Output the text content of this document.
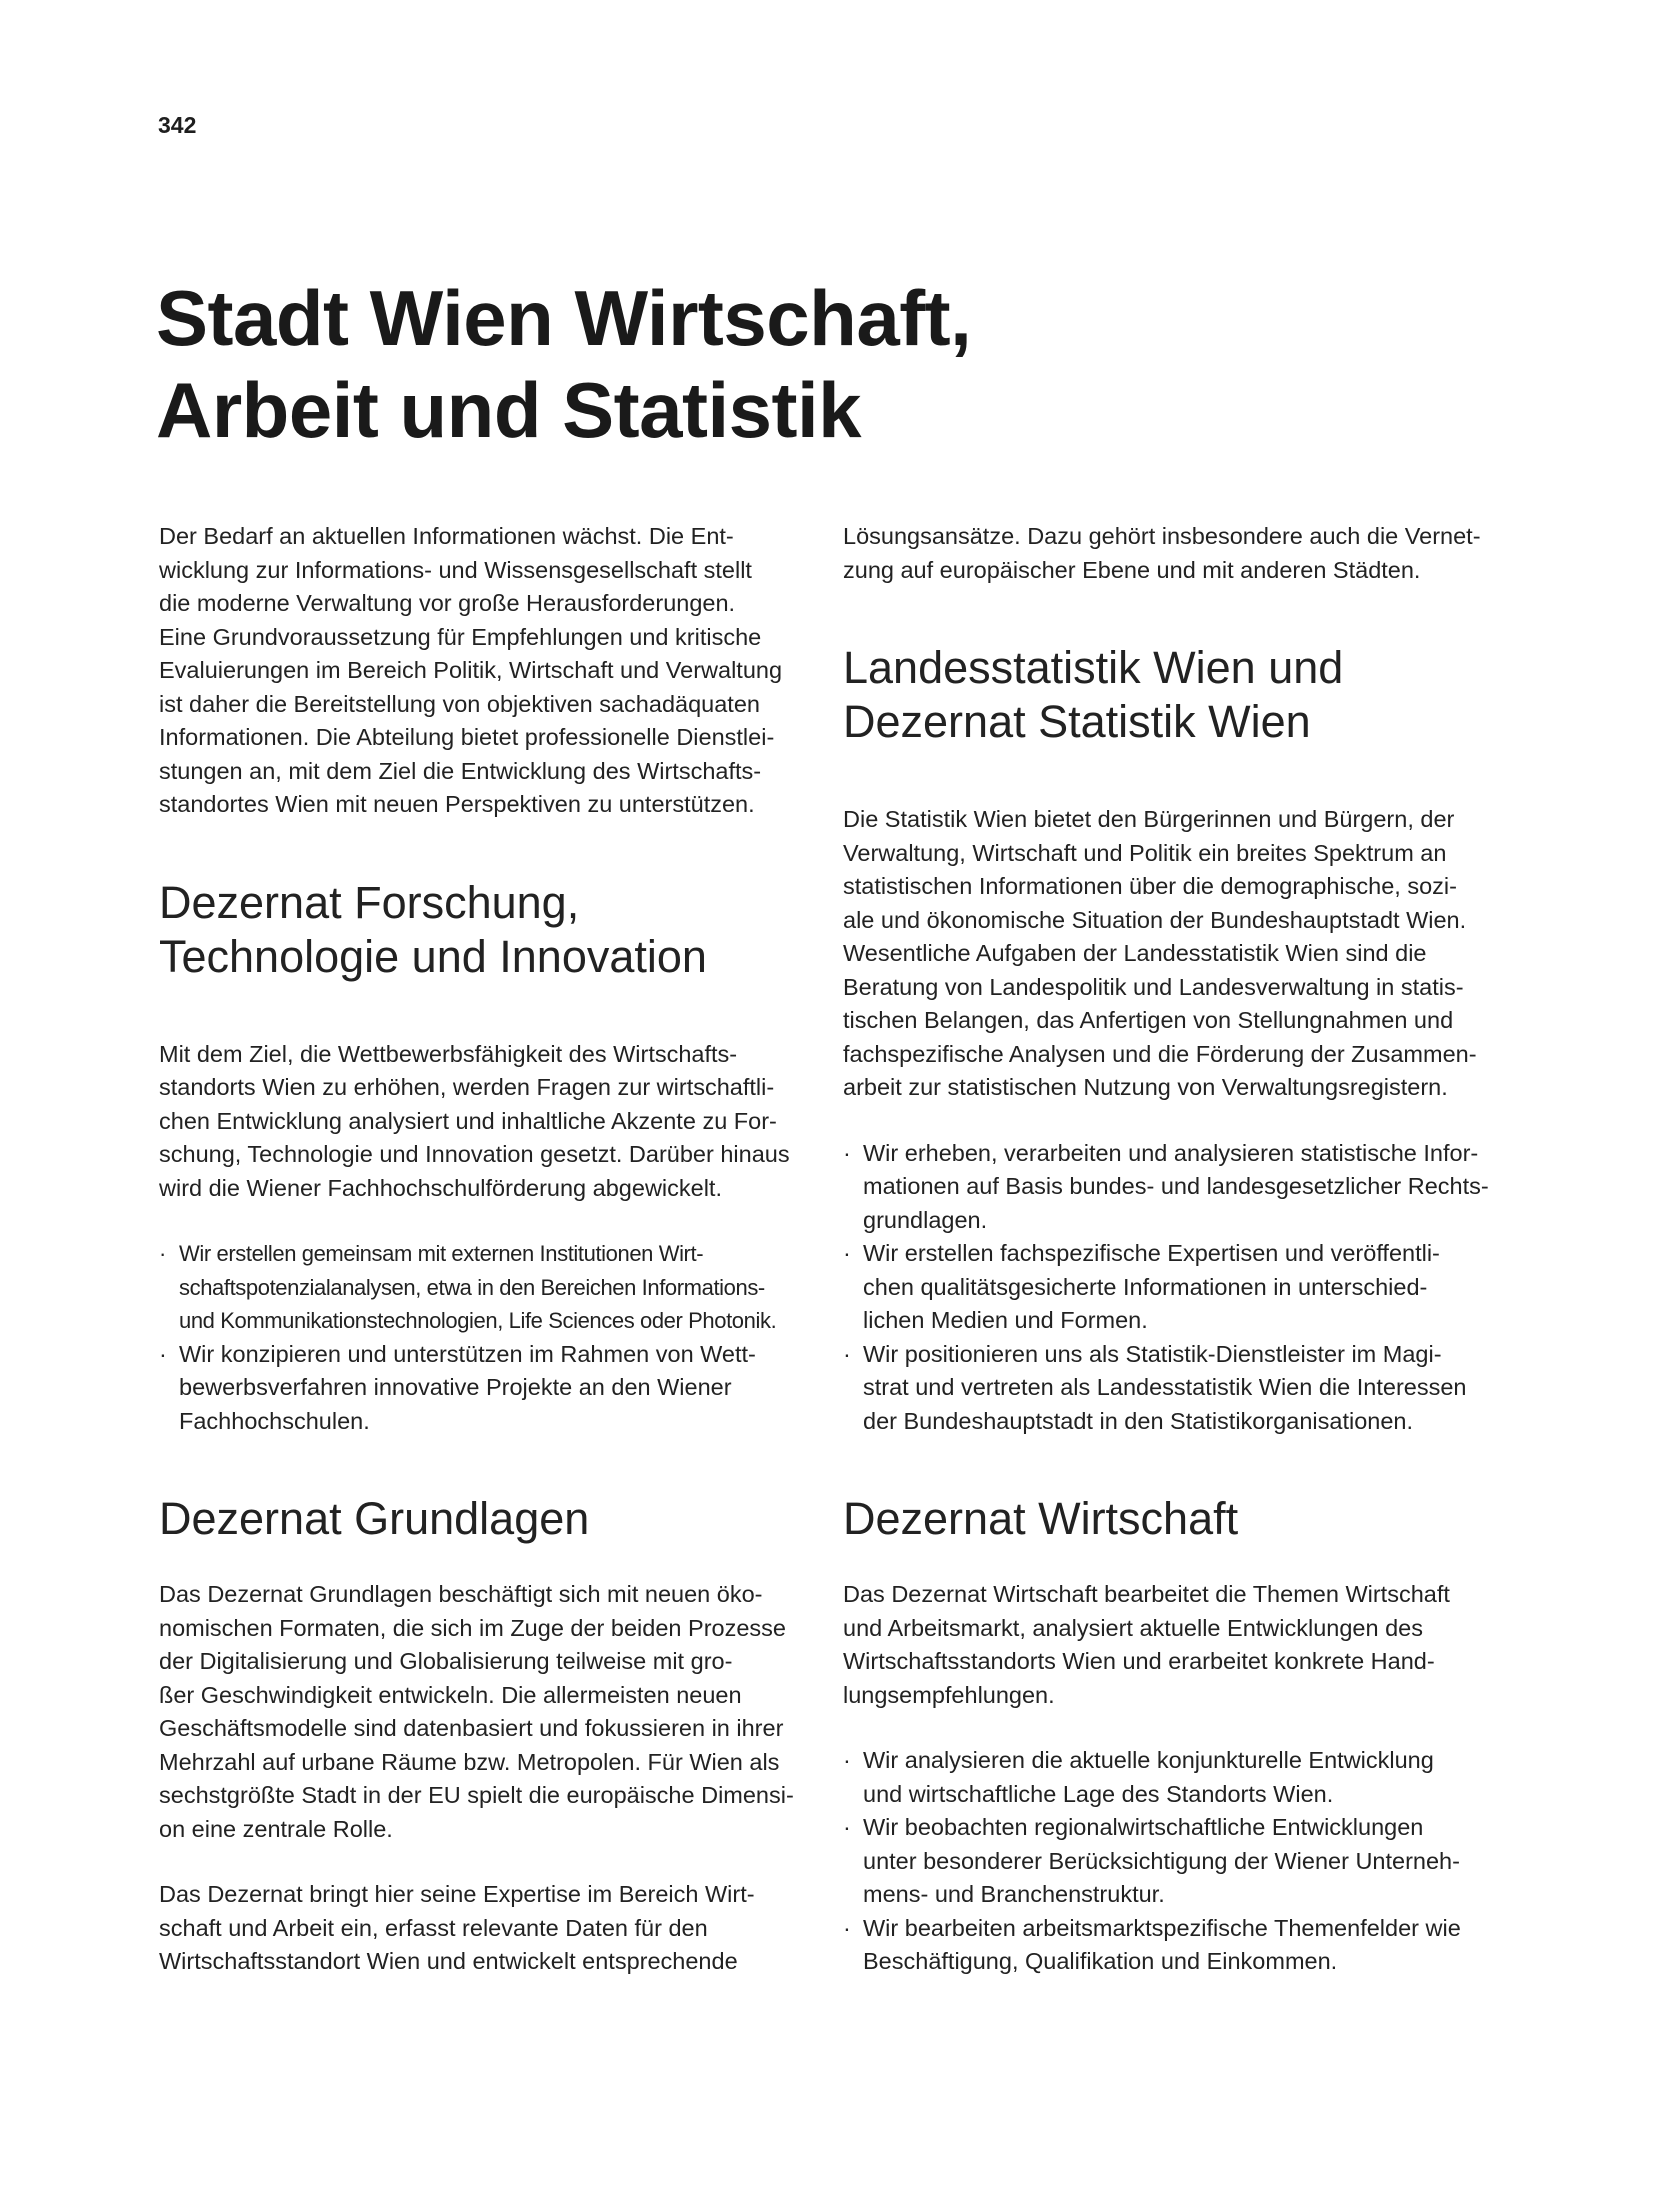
342
Stadt Wien Wirtschaft,
Arbeit und Statistik

Der Bedarf an aktuellen Informationen wächst. Die Ent-
wicklung zur Informations- und Wissensgesellschaft stellt
die moderne Verwaltung vor große Herausforderungen.
Eine Grundvoraussetzung für Empfehlungen und kritische
Evaluierungen im Bereich Politik, Wirtschaft und Verwaltung
ist daher die Bereitstellung von objektiven sachadäquaten
Informationen. Die Abteilung bietet professionelle Dienstlei-
stungen an, mit dem Ziel die Entwicklung des Wirtschafts-
standortes Wien mit neuen Perspektiven zu unterstützen.

Dezernat Forschung,
Technologie und Innovation

Mit dem Ziel, die Wettbewerbsfähigkeit des Wirtschafts-
standorts Wien zu erhöhen, werden Fragen zur wirtschaftli-
chen Entwicklung analysiert und inhaltliche Akzente zu For-
schung, Technologie und Innovation gesetzt. Darüber hinaus
wird die Wiener Fachhochschulförderung abgewickelt.

· Wir erstellen gemeinsam mit externen Institutionen Wirt-
schaftspotenzialanalysen, etwa in den Bereichen Informations-
und Kommunikationstechnologien, Life Sciences oder Photonik.
· Wir konzipieren und unterstützen im Rahmen von Wett-
bewerbsverfahren innovative Projekte an den Wiener
Fachhochschulen.
Dezernat Grundlagen

Das Dezernat Grundlagen beschäftigt sich mit neuen öko-
nomischen Formaten, die sich im Zuge der beiden Prozesse
der Digitalisierung und Globalisierung teilweise mit gro-
ßer Geschwindigkeit entwickeln. Die allermeisten neuen
Geschäftsmodelle sind datenbasiert und fokussieren in ihrer
Mehrzahl auf urbane Räume bzw. Metropolen. Für Wien als
sechstgrößte Stadt in der EU spielt die europäische Dimensi-
on eine zentrale Rolle.

Das Dezernat bringt hier seine Expertise im Bereich Wirt-
schaft und Arbeit ein, erfasst relevante Daten für den
Wirtschaftsstandort Wien und entwickelt entsprechende

Lösungsansätze. Dazu gehört insbesondere auch die Vernet-
zung auf europäischer Ebene und mit anderen Städten.

Landesstatistik Wien und
Dezernat Statistik Wien

Die Statistik Wien bietet den Bürgerinnen und Bürgern, der
Verwaltung, Wirtschaft und Politik ein breites Spektrum an
statistischen Informationen über die demographische, sozi-
ale und ökonomische Situation der Bundeshauptstadt Wien.
Wesentliche Aufgaben der Landesstatistik Wien sind die
Beratung von Landespolitik und Landesverwaltung in statis-
tischen Belangen, das Anfertigen von Stellungnahmen und
fachspezifische Analysen und die Förderung der Zusammen-
arbeit zur statistischen Nutzung von Verwaltungsregistern.

· Wir erheben, verarbeiten und analysieren statistische Infor-
mationen auf Basis bundes- und landesgesetzlicher Rechts-
grundlagen.
· Wir erstellen fachspezifische Expertisen und veröffentli-
chen qualitätsgesicherte Informationen in unterschied-
lichen Medien und Formen.
· Wir positionieren uns als Statistik-Dienstleister im Magi-
strat und vertreten als Landesstatistik Wien die Interessen
der Bundeshauptstadt in den Statistikorganisationen.
Dezernat Wirtschaft

Das Dezernat Wirtschaft bearbeitet die Themen Wirtschaft
und Arbeitsmarkt, analysiert aktuelle Entwicklungen des
Wirtschaftsstandorts Wien und erarbeitet konkrete Hand-
lungsempfehlungen.

· Wir analysieren die aktuelle konjunkturelle Entwicklung
und wirtschaftliche Lage des Standorts Wien.
· Wir beobachten regionalwirtschaftliche Entwicklungen
unter besonderer Berücksichtigung der Wiener Unterneh-
mens- und Branchenstruktur.
· Wir bearbeiten arbeitsmarktspezifische Themenfelder wie
Beschäftigung, Qualifikation und Einkommen.
